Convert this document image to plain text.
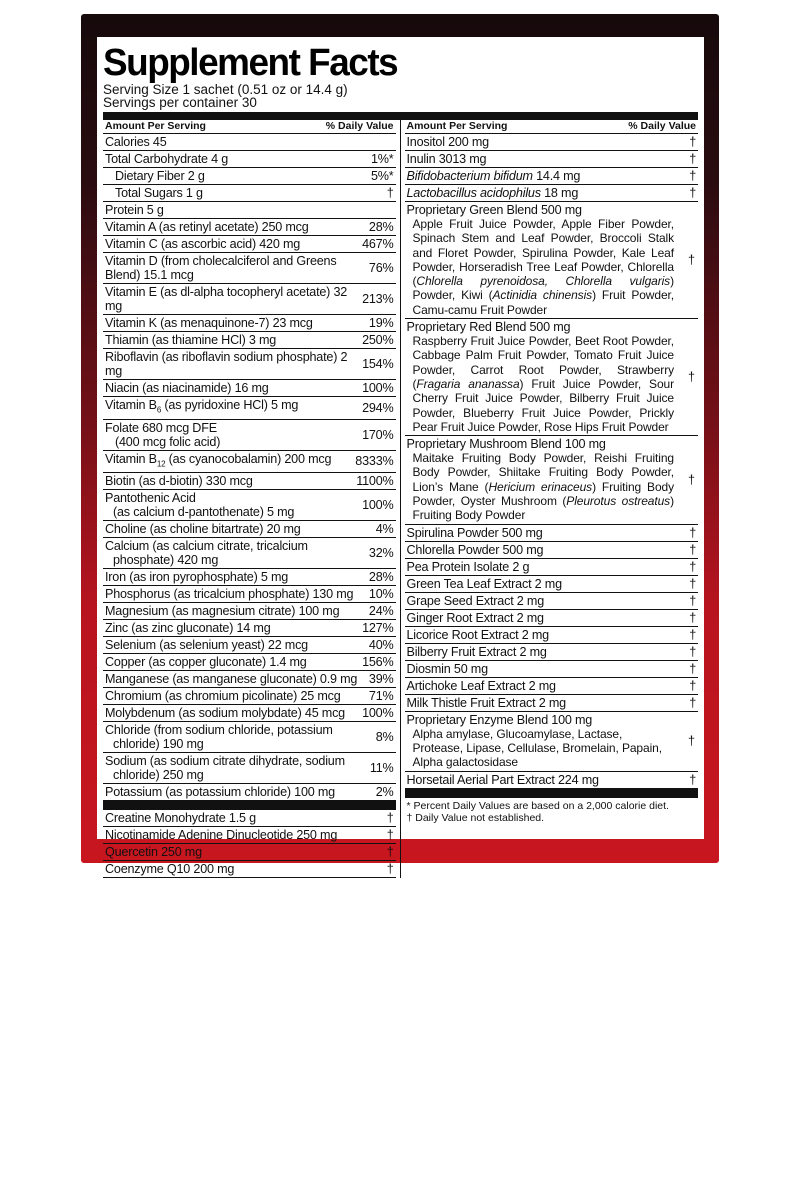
Supplement Facts
Serving Size 1 sachet (0.51 oz or 14.4 g)
Servings per container 30
Amount Per Serving	% Daily Value
Calories 45
Total Carbohydrate 4 g	1%*
Dietary Fiber 2 g	5%*
Total Sugars 1 g	†
Protein 5 g
Vitamin A (as retinyl acetate) 250 mcg	28%
Vitamin C (as ascorbic acid) 420 mg	467%
Vitamin D (from cholecalciferol and Greens Blend) 15.1 mcg	76%
Vitamin E (as dl-alpha tocopheryl acetate) 32 mg	213%
Vitamin K (as menaquinone-7) 23 mcg	19%
Thiamin (as thiamine HCl) 3 mg	250%
Riboflavin (as riboflavin sodium phosphate) 2 mg	154%
Niacin (as niacinamide) 16 mg	100%
Vitamin $B_6$ (as pyridoxine HCl) 5 mg	294%
Folate 680 mcg DFE
(400 mcg folic acid)	170%
Vitamin $B_{12}$ (as cyanocobalamin) 200 mcg	8333%
Biotin (as d-biotin) 330 mcg	1100%
Pantothenic Acid
(as calcium d-pantothenate) 5 mg	100%
Choline (as choline bitartrate) 20 mg	4%
Calcium (as calcium citrate, tricalcium
phosphate) 420 mg	32%
Iron (as iron pyrophosphate) 5 mg	28%
Phosphorus (as tricalcium phosphate) 130 mg	10%
Magnesium (as magnesium citrate) 100 mg	24%
Zinc (as zinc gluconate) 14 mg	127%
Selenium (as selenium yeast) 22 mcg	40%
Copper (as copper gluconate) 1.4 mg	156%
Manganese (as manganese gluconate) 0.9 mg 39%
Chromium (as chromium picolinate) 25 mcg	71%
Molybdenum (as sodium molybdate) 45 mcg	100%
Chloride (from sodium chloride, potassium
chloride) 190 mg	8%
Sodium (as sodium citrate dihydrate, sodium
chloride) 250 mg	11%
Potassium (as potassium chloride) 100 mg	2%
Creatine Monohydrate 1.5 g	†
Nicotinamide Adenine Dinucleotide 250 mg	†
Quercetin 250 mg	†
Coenzyme Q10 200 mg	†
Amount Per Serving	% Daily Value
Inositol 200 mg	†
Inulin 3013 mg	†
Bifidobacterium bifidum 14.4 mg	†
Lactobacillus acidophilus 18 mg	†
Proprietary Green Blend 500 mg
Apple Fruit Juice Powder, Apple Fiber Powder, Spinach Stem and Leaf Powder, Broccoli Stalk and Floret Powder, Spirulina Powder, Kale Leaf Powder, Horseradish Tree Leaf Powder, Chlorella (Chlorella pyrenoidosa, Chlorella vulgaris) Powder, Kiwi (Actinidia chinensis) Fruit Powder, Camu-camu Fruit Powder
†
Proprietary Red Blend 500 mg
Raspberry Fruit Juice Powder, Beet Root Powder, Cabbage Palm Fruit Powder, Tomato Fruit Juice Powder, Carrot Root Powder, Strawberry (Fragaria ananassa) Fruit Juice Powder, Sour Cherry Fruit Juice Powder, Bilberry Fruit Juice Powder, Blueberry Fruit Juice Powder, Prickly Pear Fruit Juice Powder, Rose Hips Fruit Powder
†
Proprietary Mushroom Blend 100 mg
Maitake Fruiting Body Powder, Reishi Fruiting Body Powder, Shiitake Fruiting Body Powder, Lion’s Mane (Hericium erinaceus) Fruiting Body Powder, Oyster Mushroom (Pleurotus ostreatus) Fruiting Body Powder
†
Spirulina Powder 500 mg	†
Chlorella Powder 500 mg	†
Pea Protein Isolate 2 g	†
Green Tea Leaf Extract 2 mg	†
Grape Seed Extract 2 mg	†
Ginger Root Extract 2 mg	†
Licorice Root Extract 2 mg	†
Bilberry Fruit Extract 2 mg	†
Diosmin 50 mg	†
Artichoke Leaf Extract 2 mg	†
Milk Thistle Fruit Extract 2 mg	†
Proprietary Enzyme Blend 100 mg
Alpha amylase, Glucoamylase, Lactase, Protease, Lipase, Cellulase, Bromelain, Papain, Alpha galactosidase
†
Horsetail Aerial Part Extract 224 mg	†
* Percent Daily Values are based on a 2,000 calorie diet.
† Daily Value not established.
